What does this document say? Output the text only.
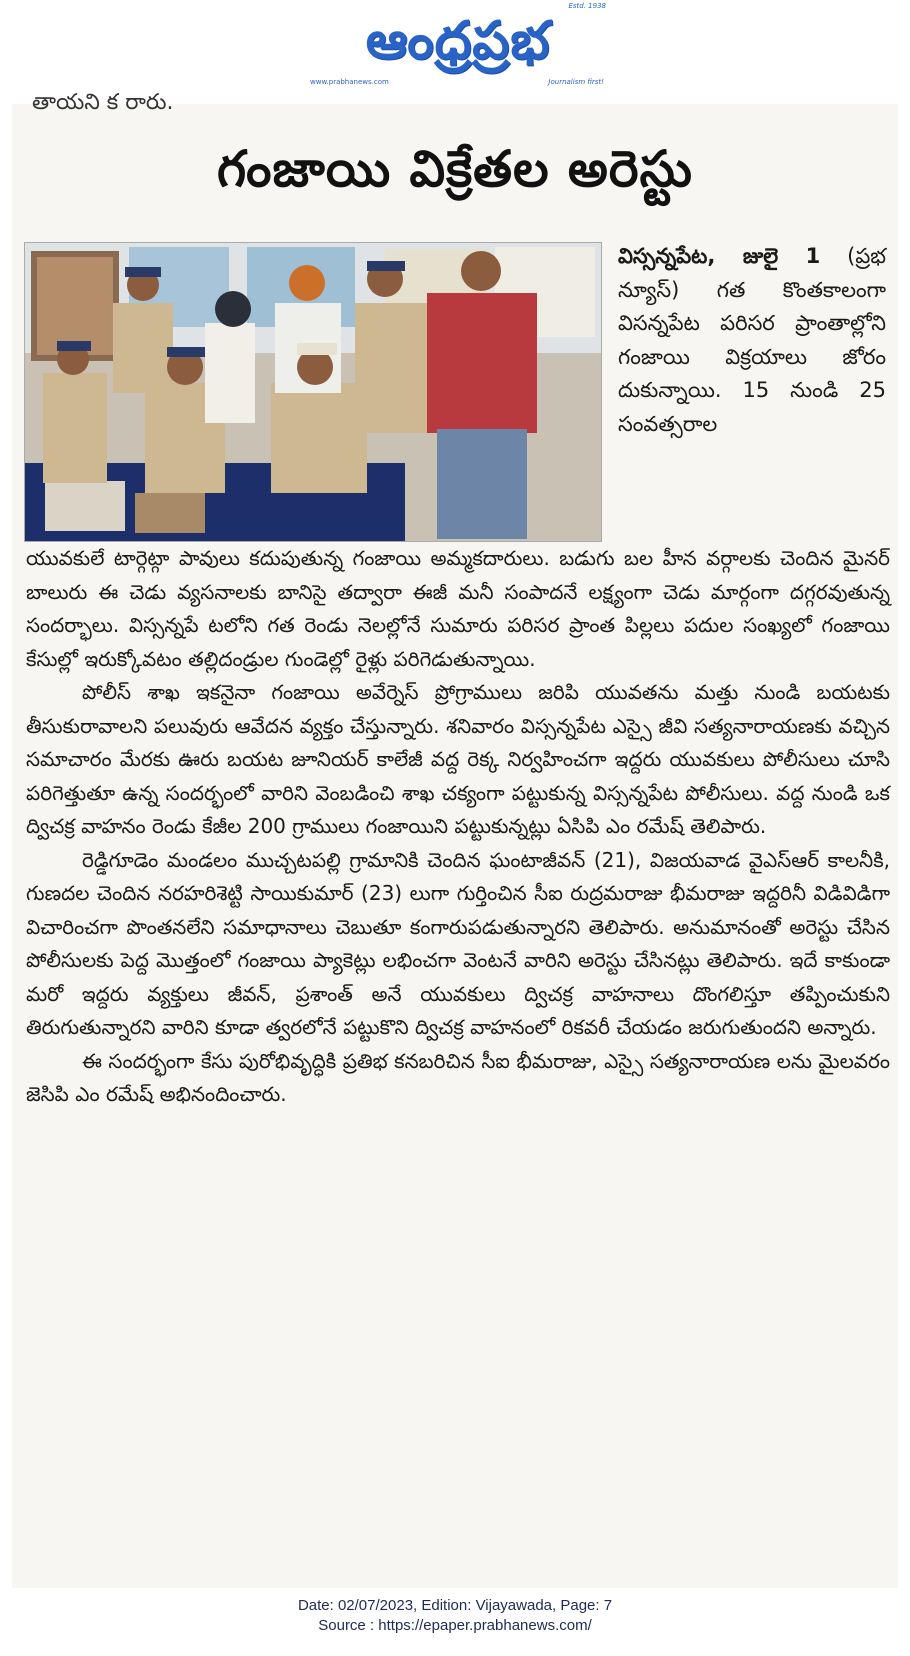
ఆంధ్రప్రభ
Estd. 1938
www.prabhanews.com	Journalism first!
తాయని క రారు.
గంజాయి విక్రేతల అరెస్టు

విస్సన్నపేట, జులై 1 (ప్రభ న్యూస్) గత కొంతకాలంగా విసన్నపేట పరిసర ప్రాంతాల్లోని గంజాయి విక్రయాలు జోరం దుకున్నాయి. 15 నుండి 25 సంవత్సరాల

యువకులే టార్గెట్గా పావులు కదుపుతున్న గంజాయి అమ్మకదారులు. బడుగు బల హీన వర్గాలకు చెందిన మైనర్ బాలురు ఈ చెడు వ్యసనాలకు బానిసై తద్వారా ఈజీ మనీ సంపాదనే లక్ష్యంగా చెడు మార్గంగా దగ్గరవుతున్న సందర్భాలు. విస్సన్నపే టలోని గత రెండు నెలల్లోనే సుమారు పరిసర ప్రాంత పిల్లలు పదుల సంఖ్యలో గంజాయి కేసుల్లో ఇరుక్కోవటం తల్లిదండ్రుల గుండెల్లో రైళ్లు పరిగెడుతున్నాయి.

పోలీస్ శాఖ ఇకనైనా గంజాయి అవేర్నెస్ ప్రోగ్రాములు జరిపి యువతను మత్తు నుండి బయటకు తీసుకురావాలని పలువురు ఆవేదన వ్యక్తం చేస్తున్నారు. శనివారం విస్సన్నపేట ఎస్సై జీవి సత్యనారాయణకు వచ్చిన సమాచారం మేరకు ఊరు బయట జూనియర్ కాలేజీ వద్ద రెక్క నిర్వహించగా ఇద్దరు యువకులు పోలీసులు చూసి పరిగెత్తుతూ ఉన్న సందర్భంలో వారిని వెంబడించి శాఖ చక్యంగా పట్టుకున్న విస్సన్నపేట పోలీసులు. వద్ద నుండి ఒక ద్విచక్ర వాహనం రెండు కేజీల 200 గ్రాములు గంజాయిని పట్టుకున్నట్లు ఏసిపి ఎం రమేష్ తెలిపారు.

రెడ్డిగూడెం మండలం ముచ్చటపల్లి గ్రామానికి చెందిన ఘంటాజీవన్ (21), విజయవాడ వైఎస్ఆర్ కాలనీకి, గుణదల చెందిన నరహరిశెట్టి సాయికుమార్ (23) లుగా గుర్తించిన సీఐ రుద్రమరాజు భీమరాజు ఇద్దరినీ విడివిడిగా విచారించగా పొంతనలేని సమాధానాలు చెబుతూ కంగారుపడుతున్నారని తెలిపారు. అనుమానంతో అరెస్టు చేసిన పోలీసులకు పెద్ద మొత్తంలో గంజాయి ప్యాకెట్లు లభించగా వెంటనే వారిని అరెస్టు చేసినట్లు తెలిపారు. ఇదే కాకుండా మరో ఇద్దరు వ్యక్తులు జీవన్, ప్రశాంత్ అనే యువకులు ద్విచక్ర వాహనాలు దొంగలిస్తూ తప్పించుకుని తిరుగుతున్నారని వారిని కూడా త్వరలోనే పట్టుకొని ద్విచక్ర వాహనంలో రికవరీ చేయడం జరుగుతుందని అన్నారు.

ఈ సందర్భంగా కేసు పురోభివృద్ధికి ప్రతిభ కనబరిచిన సీఐ భీమరాజు, ఎస్సై సత్యనారాయణ లను మైలవరం జెసిపి ఎం రమేష్ అభినందించారు.

Date: 02/07/2023, Edition: Vijayawada, Page: 7
Source : https://epaper.prabhanews.com/
